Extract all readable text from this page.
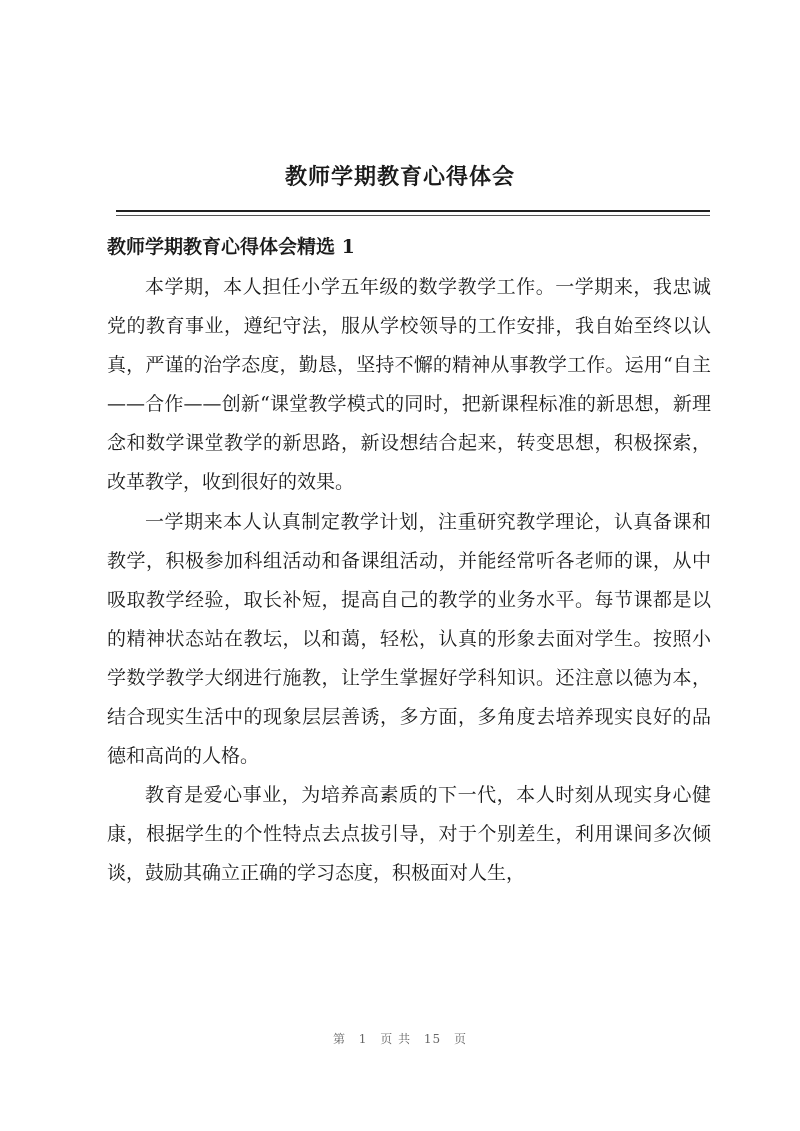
教师学期教育心得体会
教师学期教育心得体会精选 1

本学期，本人担任小学五年级的数学教学工作。一学期来，我忠诚党的教育事业，遵纪守法，服从学校领导的工作安排，我自始至终以认真，严谨的治学态度，勤恳，坚持不懈的精神从事教学工作。运用“自主——合作——创新“课堂教学模式的同时，把新课程标准的新思想，新理念和数学课堂教学的新思路，新设想结合起来，转变思想，积极探索，改革教学，收到很好的效果。

一学期来本人认真制定教学计划，注重研究教学理论，认真备课和教学，积极参加科组活动和备课组活动，并能经常听各老师的课，从中吸取教学经验，取长补短，提高自己的教学的业务水平。每节课都是以的精神状态站在教坛，以和蔼，轻松，认真的形象去面对学生。按照小学数学教学大纲进行施教，让学生掌握好学科知识。还注意以德为本，结合现实生活中的现象层层善诱，多方面，多角度去培养现实良好的品德和高尚的人格。

教育是爱心事业，为培养高素质的下一代，本人时刻从现实身心健康，根据学生的个性特点去点拔引导，对于个别差生，利用课间多次倾谈，鼓励其确立正确的学习态度，积极面对人生，

第 1 页 共 15 页
